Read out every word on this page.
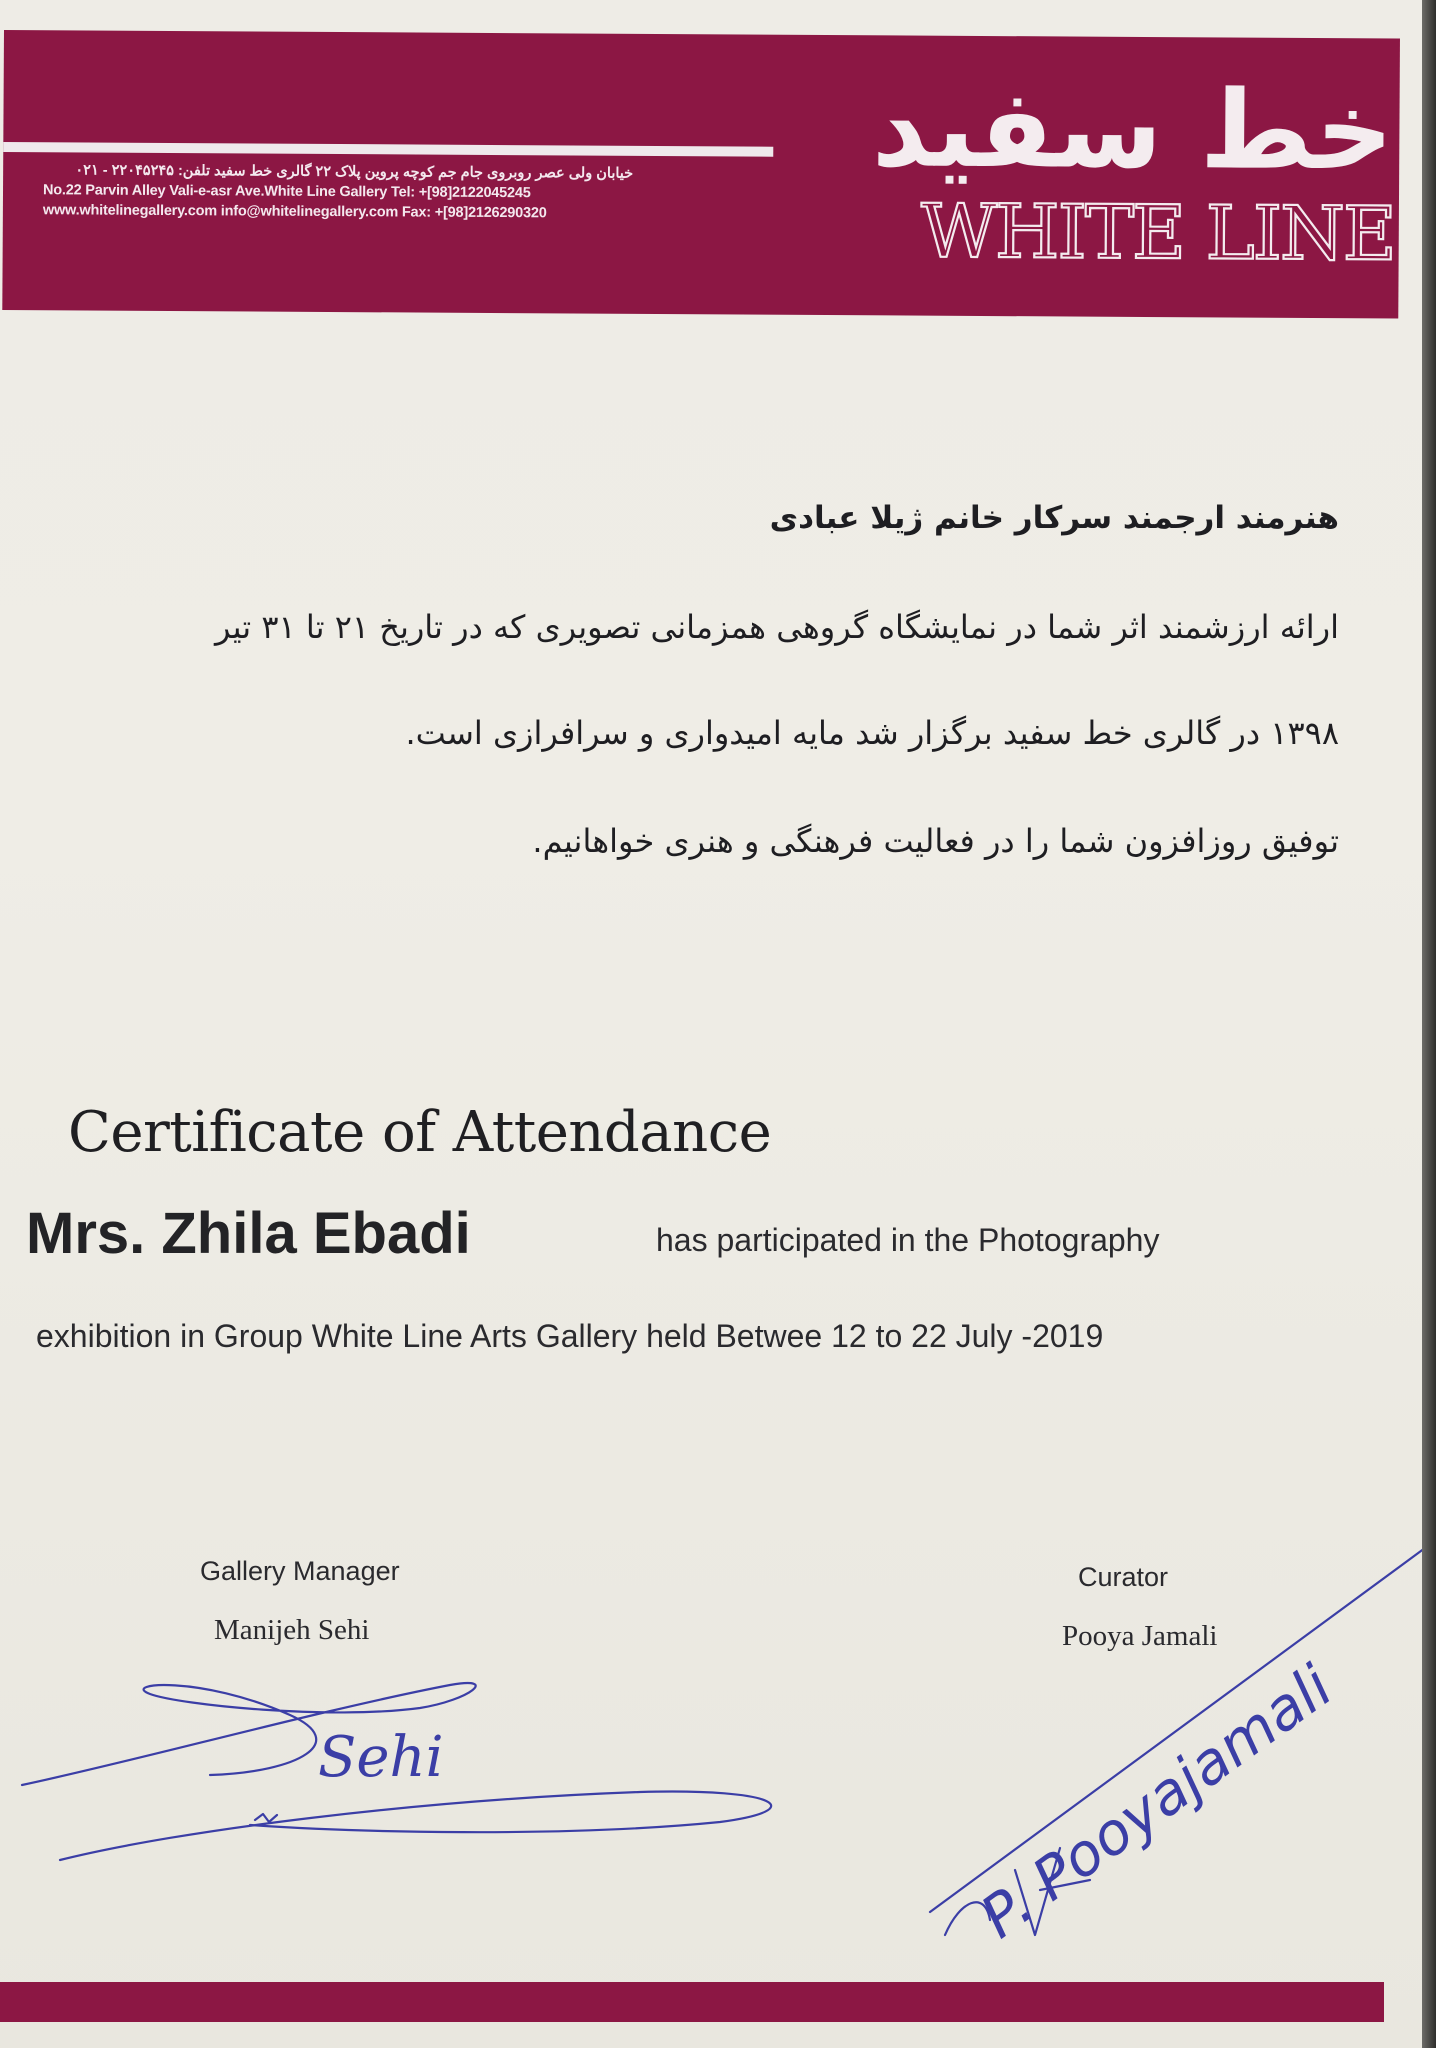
خیابان ولی عصر روبروی جام جم کوچه پروین پلاک ۲۲ گالری خط سفید تلفن: ۲۲۰۴۵۲۴۵ - ۰۲۱
No.22 Parvin Alley Vali-e-asr Ave.White Line Gallery Tel: +[98]2122045245
www.whitelinegallery.com info@whitelinegallery.com Fax: +[98]2126290320
خط سفید
WHITE LINE
هنرمند ارجمند سرکار خانم ژیلا عبادی
ارائه ارزشمند اثر شما در نمایشگاه گروهی همزمانی تصویری که در تاریخ ۲۱ تا ۳۱ تیر
۱۳۹۸ در گالری خط سفید برگزار شد مایه امیدواری و سرافرازی است.
توفیق روزافزون شما را در فعالیت فرهنگی و هنری خواهانیم.
Certificate of Attendance
Mrs. Zhila Ebadi	has participated in the Photography
exhibition in Group White Line Arts Gallery held Betwee 12 to 22 July -2019
Gallery Manager
Manijeh Sehi
Curator
Pooya Jamali
Sehi	P. Pooyajamali
